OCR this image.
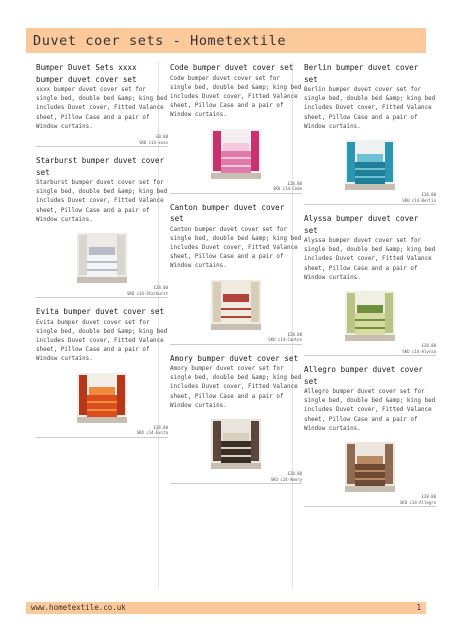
Duvet coer sets - Hometextile
Bumper Duvet Sets xxxx bumper duvet cover set
xxxx bumper duvet cover set for single bed, double bed &amp; king bed includes Duvet cover, Fitted Valance sheet, Pillow Case and a pair of Window curtains.
£0.00
SKU c14-xxxx
Starburst bumper duvet cover set
Starburst bumper duvet cover set for single bed, double bed &amp; king bed includes Duvet cover, Fitted Valance sheet, Pillow Case and a pair of Window curtains.
£28.80
SKU c14-Starburst
Evita bumper duvet cover set
Evita bumper duvet cover set for single bed, double bed &amp; king bed includes Duvet cover, Fitted Valance sheet, Pillow Case and a pair of Window curtains.
£28.80
SKU c14-Evita
Code bumper duvet cover set
Code bumper duvet cover set for single bed, double bed &amp; king bed includes Duvet cover, Fitted Valance sheet, Pillow Case and a pair of Window curtains.
£28.80
SKU c14-Code
Canton bumper duvet cover set
Canton bumper duvet cover set for single bed, double bed &amp; king bed includes Duvet cover, Fitted Valance sheet, Pillow Case and a pair of Window curtains.
£28.80
SKU c14-Canton
Amory bumper duvet cover set
Amory bumper duvet cover set for single bed, double bed &amp; king bed includes Duvet cover, Fitted Valance sheet, Pillow Case and a pair of Window curtains.
£28.80
SKU c14-Amory
Berlin bumper duvet cover set
Berlin bumper duvet cover set for single bed, double bed &amp; king bed includes Duvet cover, Fitted Valance sheet, Pillow Case and a pair of Window curtains.
£28.80
SKU c14-Berlin
Alyssa bumper duvet cover set
Alyssa bumper duvet cover set for single bed, double bed &amp; king bed includes Duvet cover, Fitted Valance sheet, Pillow Case and a pair of Window curtains.
£28.80
SKU c14-Alyssa
Allegro bumper duvet cover set
Allegro bumper duvet cover set for single bed, double bed &amp; king bed includes Duvet cover, Fitted Valance sheet, Pillow Case and a pair of Window curtains.
£28.80
SKU c14-Allegro
www.hometextile.co.uk	1
